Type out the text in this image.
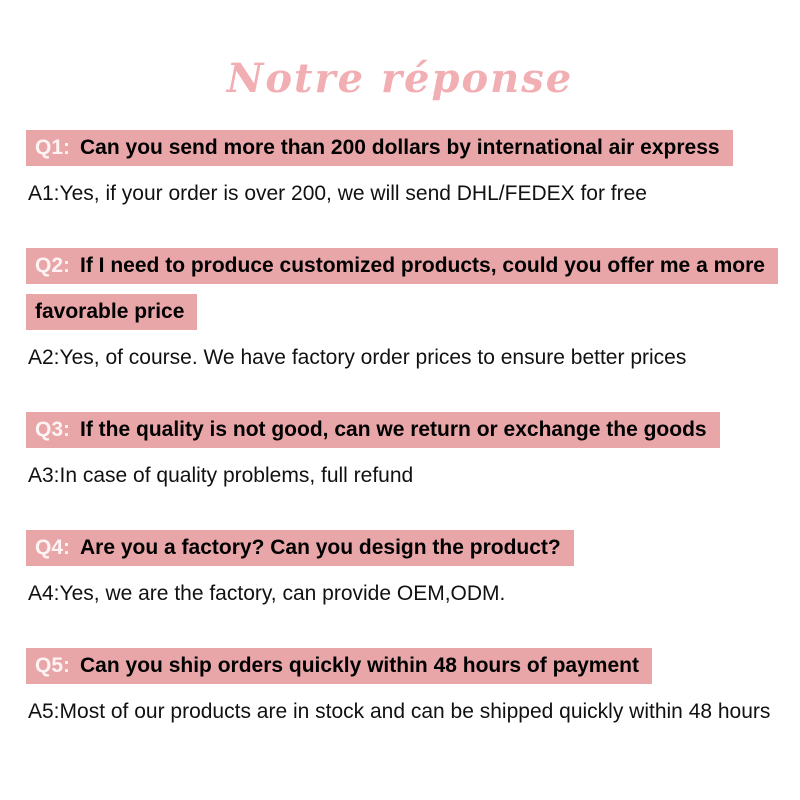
Notre réponse
Q1: Can you send more than 200 dollars by international air express

A1:Yes, if your order is over 200, we will send DHL/FEDEX for free

Q2: If I need to produce customized products, could you offer me a more
favorable price

A2:Yes, of course. We have factory order prices to ensure better prices

Q3: If the quality is not good, can we return or exchange the goods

A3:In case of quality problems, full refund

Q4: Are you a factory? Can you design the product?

A4:Yes, we are the factory, can provide OEM,ODM.

Q5: Can you ship orders quickly within 48 hours of payment

A5:Most of our products are in stock and can be shipped quickly within 48 hours
